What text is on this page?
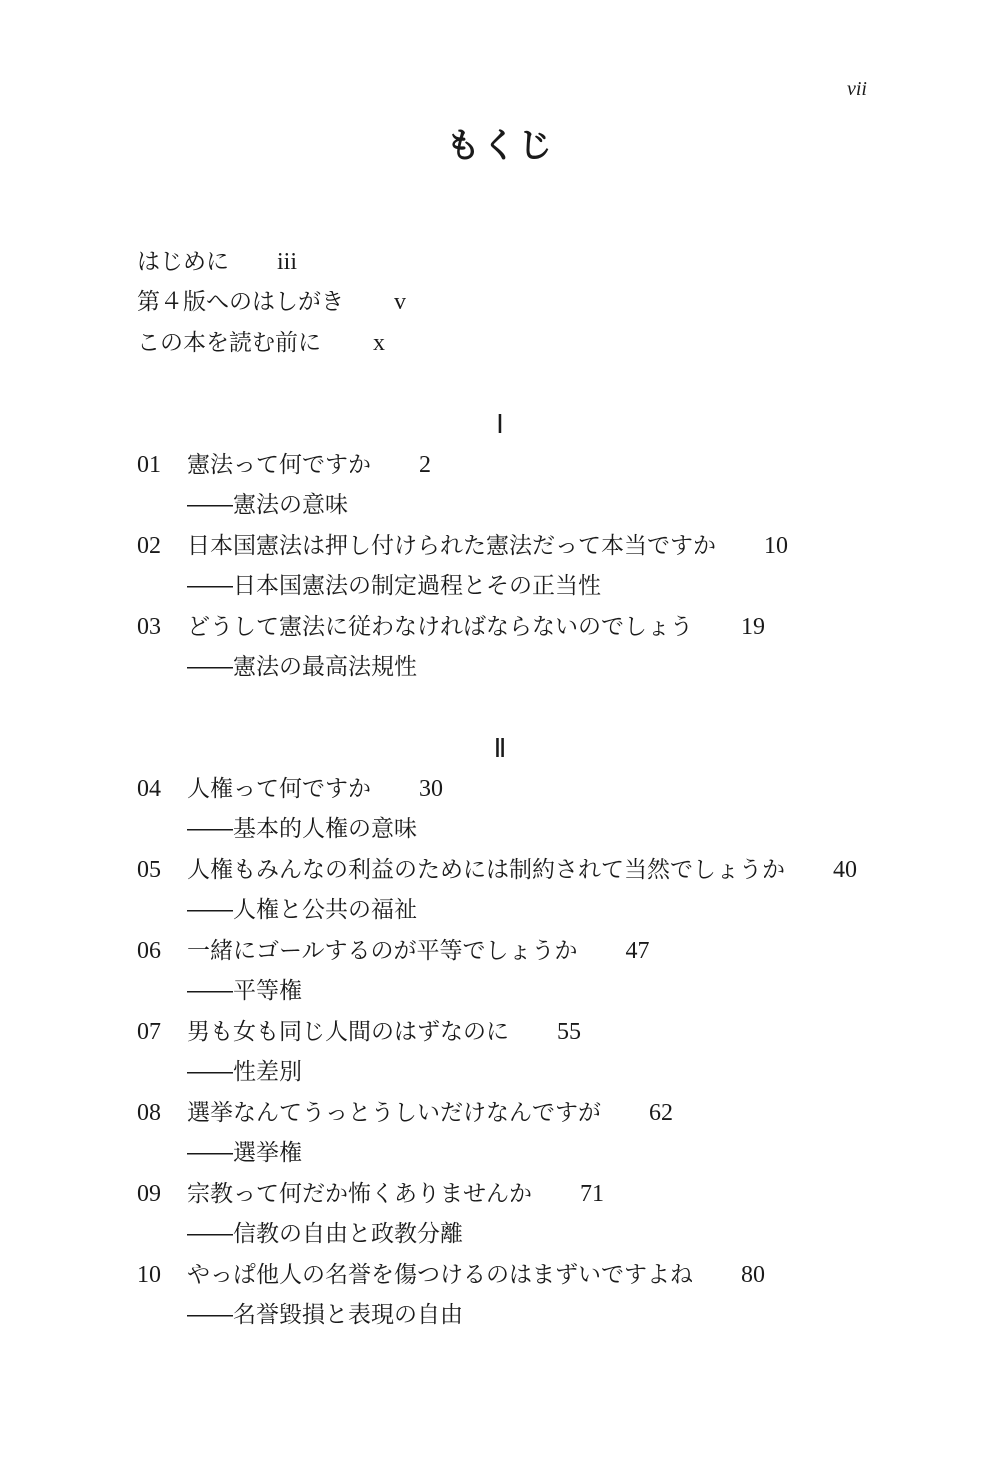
vii
もくじ
はじめに iii
第４版へのはしがき v
この本を読む前に x
Ⅰ
01 憲法って何ですか 2
――憲法の意味
02 日本国憲法は押し付けられた憲法だって本当ですか 10
――日本国憲法の制定過程とその正当性
03 どうして憲法に従わなければならないのでしょう 19
――憲法の最高法規性
Ⅱ
04 人権って何ですか 30
――基本的人権の意味
05 人権もみんなの利益のためには制約されて当然でしょうか 40
――人権と公共の福祉
06 一緒にゴールするのが平等でしょうか 47
――平等権
07 男も女も同じ人間のはずなのに 55
――性差別
08 選挙なんてうっとうしいだけなんですが 62
――選挙権
09 宗教って何だか怖くありませんか 71
――信教の自由と政教分離
10 やっぱ他人の名誉を傷つけるのはまずいですよね 80
――名誉毀損と表現の自由
